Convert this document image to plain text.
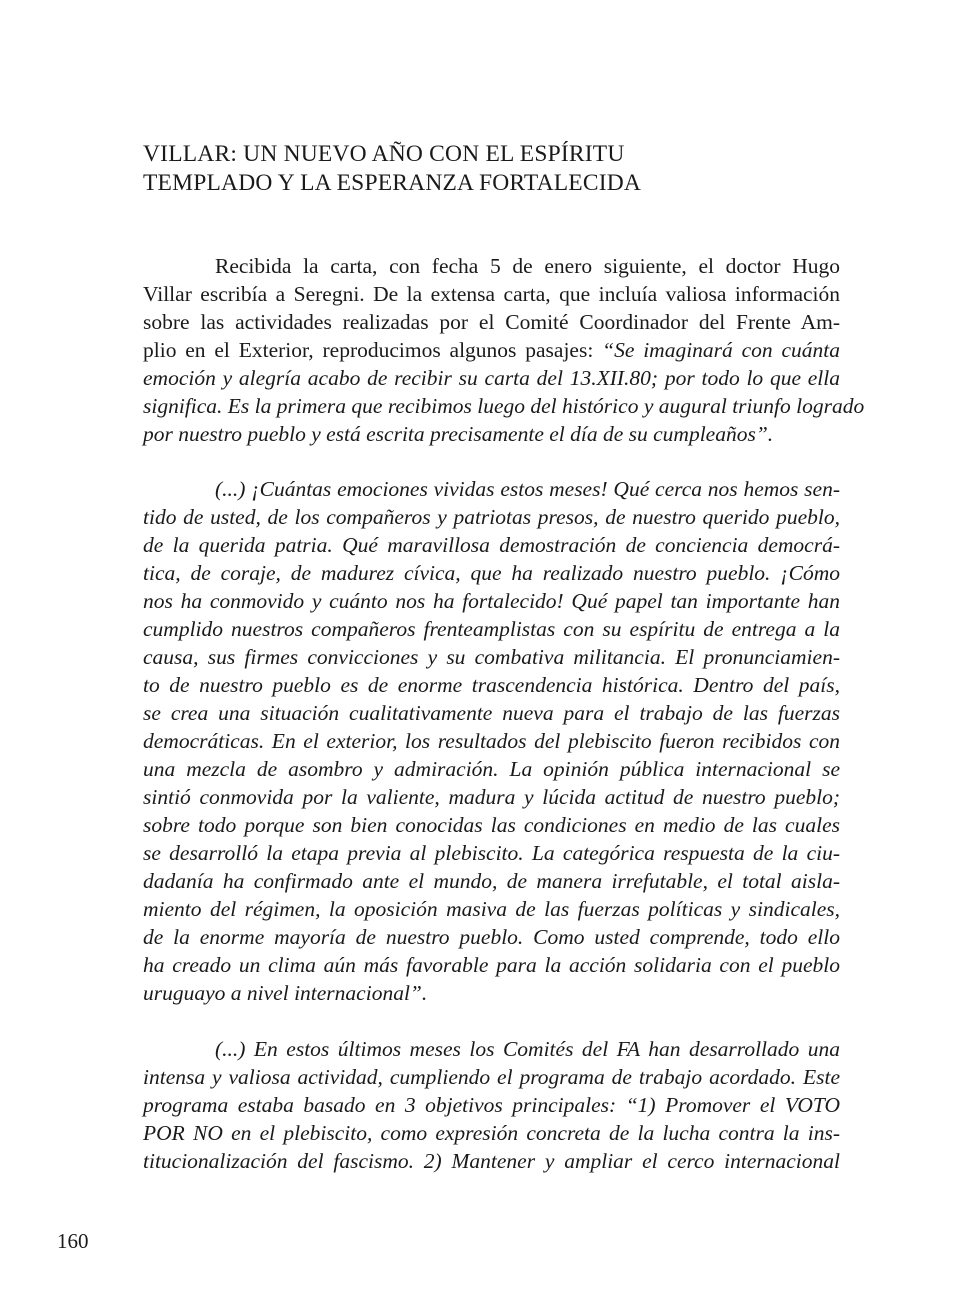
VILLAR: UN NUEVO AÑO CON EL ESPÍRITU
TEMPLADO Y LA ESPERANZA FORTALECIDA

Recibida la carta, con fecha 5 de enero siguiente, el doctor Hugo
Villar escribía a Seregni. De la extensa carta, que incluía valiosa información
sobre las actividades realizadas por el Comité Coordinador del Frente Am-
plio en el Exterior, reproducimos algunos pasajes: “Se imaginará con cuánta
emoción y alegría acabo de recibir su carta del 13.XII.80; por todo lo que ella
significa. Es la primera que recibimos luego del histórico y augural triunfo logrado
por nuestro pueblo y está escrita precisamente el día de su cumpleaños”.

(...) ¡Cuántas emociones vividas estos meses! Qué cerca nos hemos sen-
tido de usted, de los compañeros y patriotas presos, de nuestro querido pueblo,
de la querida patria. Qué maravillosa demostración de conciencia democrá-
tica, de coraje, de madurez cívica, que ha realizado nuestro pueblo. ¡Cómo
nos ha conmovido y cuánto nos ha fortalecido! Qué papel tan importante han
cumplido nuestros compañeros frenteamplistas con su espíritu de entrega a la
causa, sus firmes convicciones y su combativa militancia. El pronunciamien-
to de nuestro pueblo es de enorme trascendencia histórica. Dentro del país,
se crea una situación cualitativamente nueva para el trabajo de las fuerzas
democráticas. En el exterior, los resultados del plebiscito fueron recibidos con
una mezcla de asombro y admiración. La opinión pública internacional se
sintió conmovida por la valiente, madura y lúcida actitud de nuestro pueblo;
sobre todo porque son bien conocidas las condiciones en medio de las cuales
se desarrolló la etapa previa al plebiscito. La categórica respuesta de la ciu-
dadanía ha confirmado ante el mundo, de manera irrefutable, el total aisla-
miento del régimen, la oposición masiva de las fuerzas políticas y sindicales,
de la enorme mayoría de nuestro pueblo. Como usted comprende, todo ello
ha creado un clima aún más favorable para la acción solidaria con el pueblo
uruguayo a nivel internacional”.

(...) En estos últimos meses los Comités del FA han desarrollado una
intensa y valiosa actividad, cumpliendo el programa de trabajo acordado. Este
programa estaba basado en 3 objetivos principales: “1) Promover el VOTO
POR NO en el plebiscito, como expresión concreta de la lucha contra la ins-
titucionalización del fascismo. 2) Mantener y ampliar el cerco internacional

160
